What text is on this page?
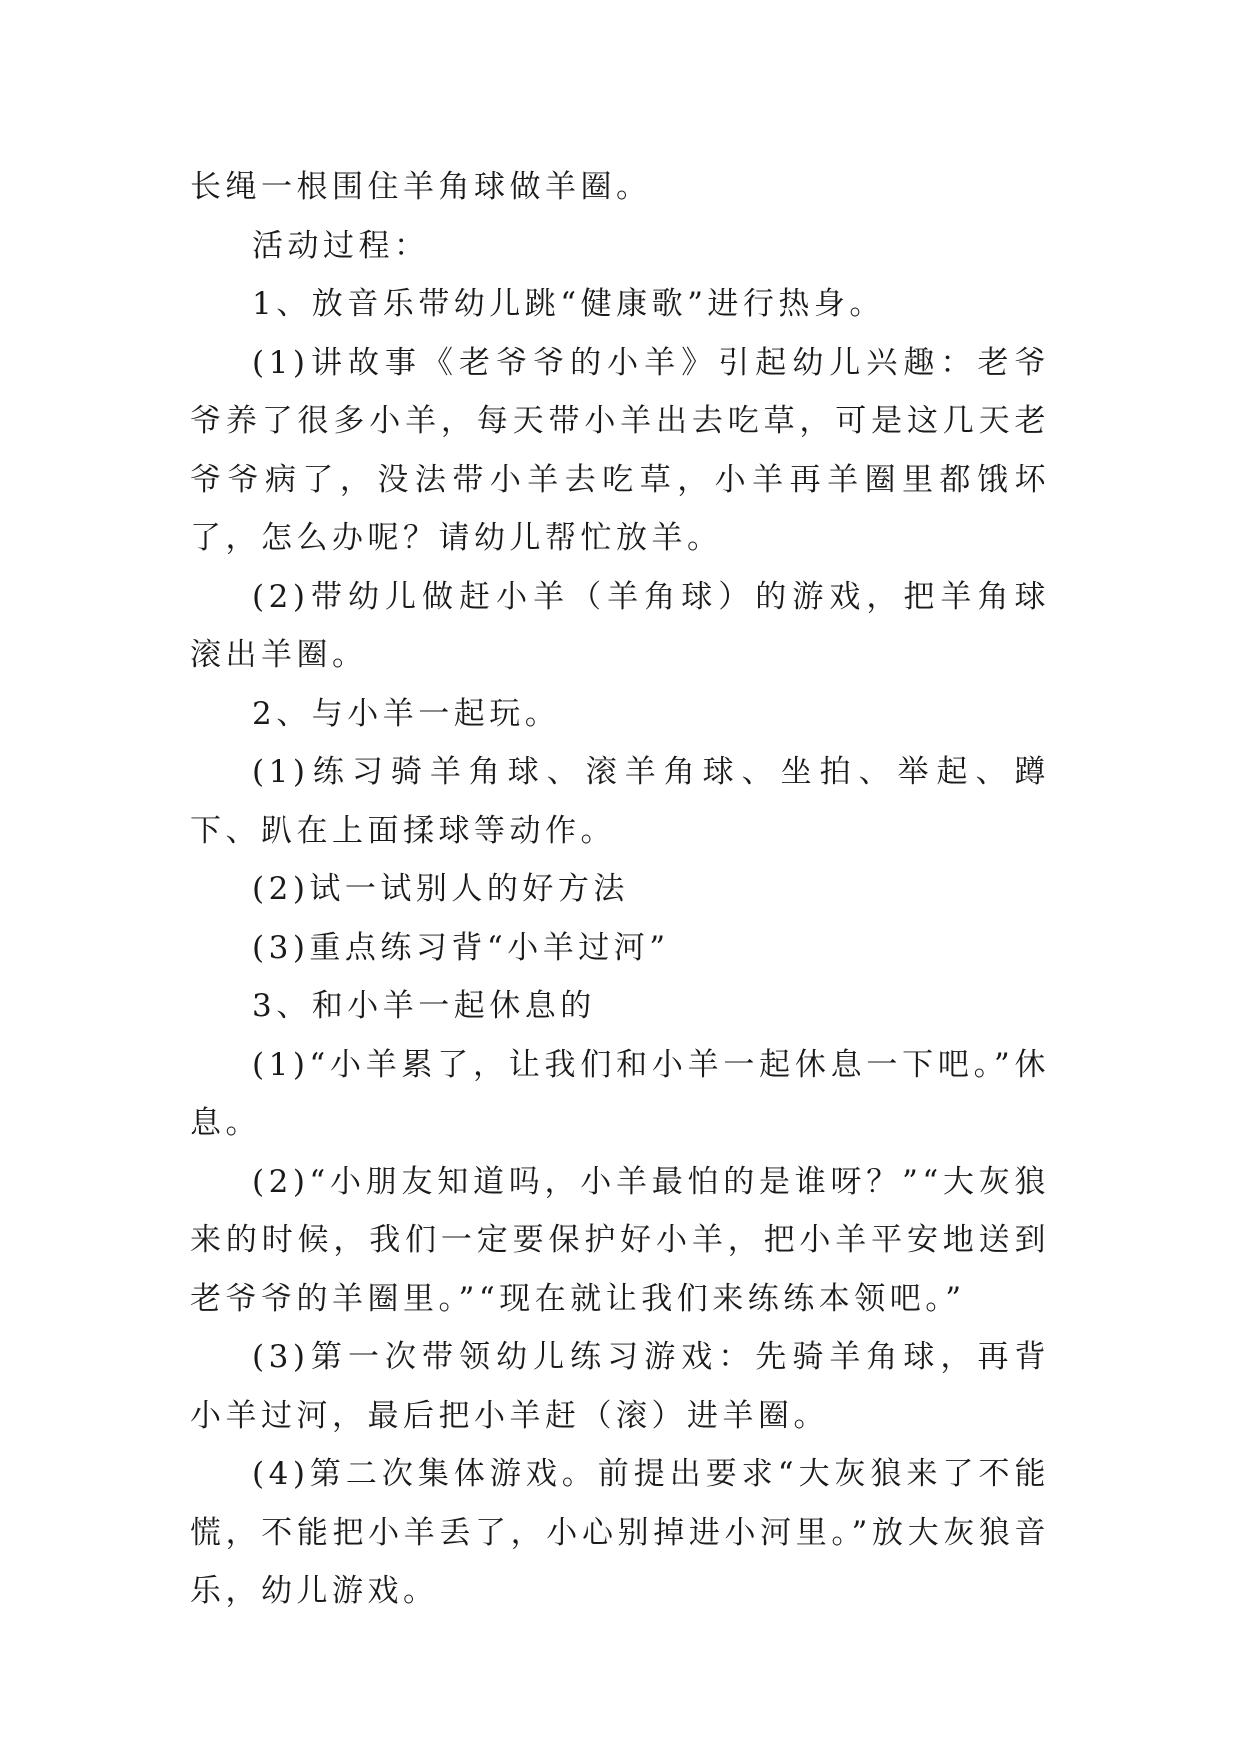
长绳一根围住羊角球做羊圈。

活动过程：

1、放音乐带幼儿跳“健康歌”进行热身。

(1)讲故事《老爷爷的小羊》引起幼儿兴趣：老爷爷养了很多小羊，每天带小羊出去吃草，可是这几天老爷爷病了，没法带小羊去吃草，小羊再羊圈里都饿坏了，怎么办呢？请幼儿帮忙放羊。

(2)带幼儿做赶小羊（羊角球）的游戏，把羊角球滚出羊圈。

2、与小羊一起玩。

(1)练习骑羊角球、滚羊角球、坐拍、举起、蹲下、趴在上面揉球等动作。

(2)试一试别人的好方法

(3)重点练习背“小羊过河”

3、和小羊一起休息的

(1)“小羊累了，让我们和小羊一起休息一下吧。”休息。

(2)“小朋友知道吗，小羊最怕的是谁呀？”“大灰狼来的时候，我们一定要保护好小羊，把小羊平安地送到老爷爷的羊圈里。”“现在就让我们来练练本领吧。”

(3)第一次带领幼儿练习游戏：先骑羊角球，再背小羊过河，最后把小羊赶（滚）进羊圈。

(4)第二次集体游戏。前提出要求“大灰狼来了不能慌，不能把小羊丢了，小心别掉进小河里。”放大灰狼音乐，幼儿游戏。
